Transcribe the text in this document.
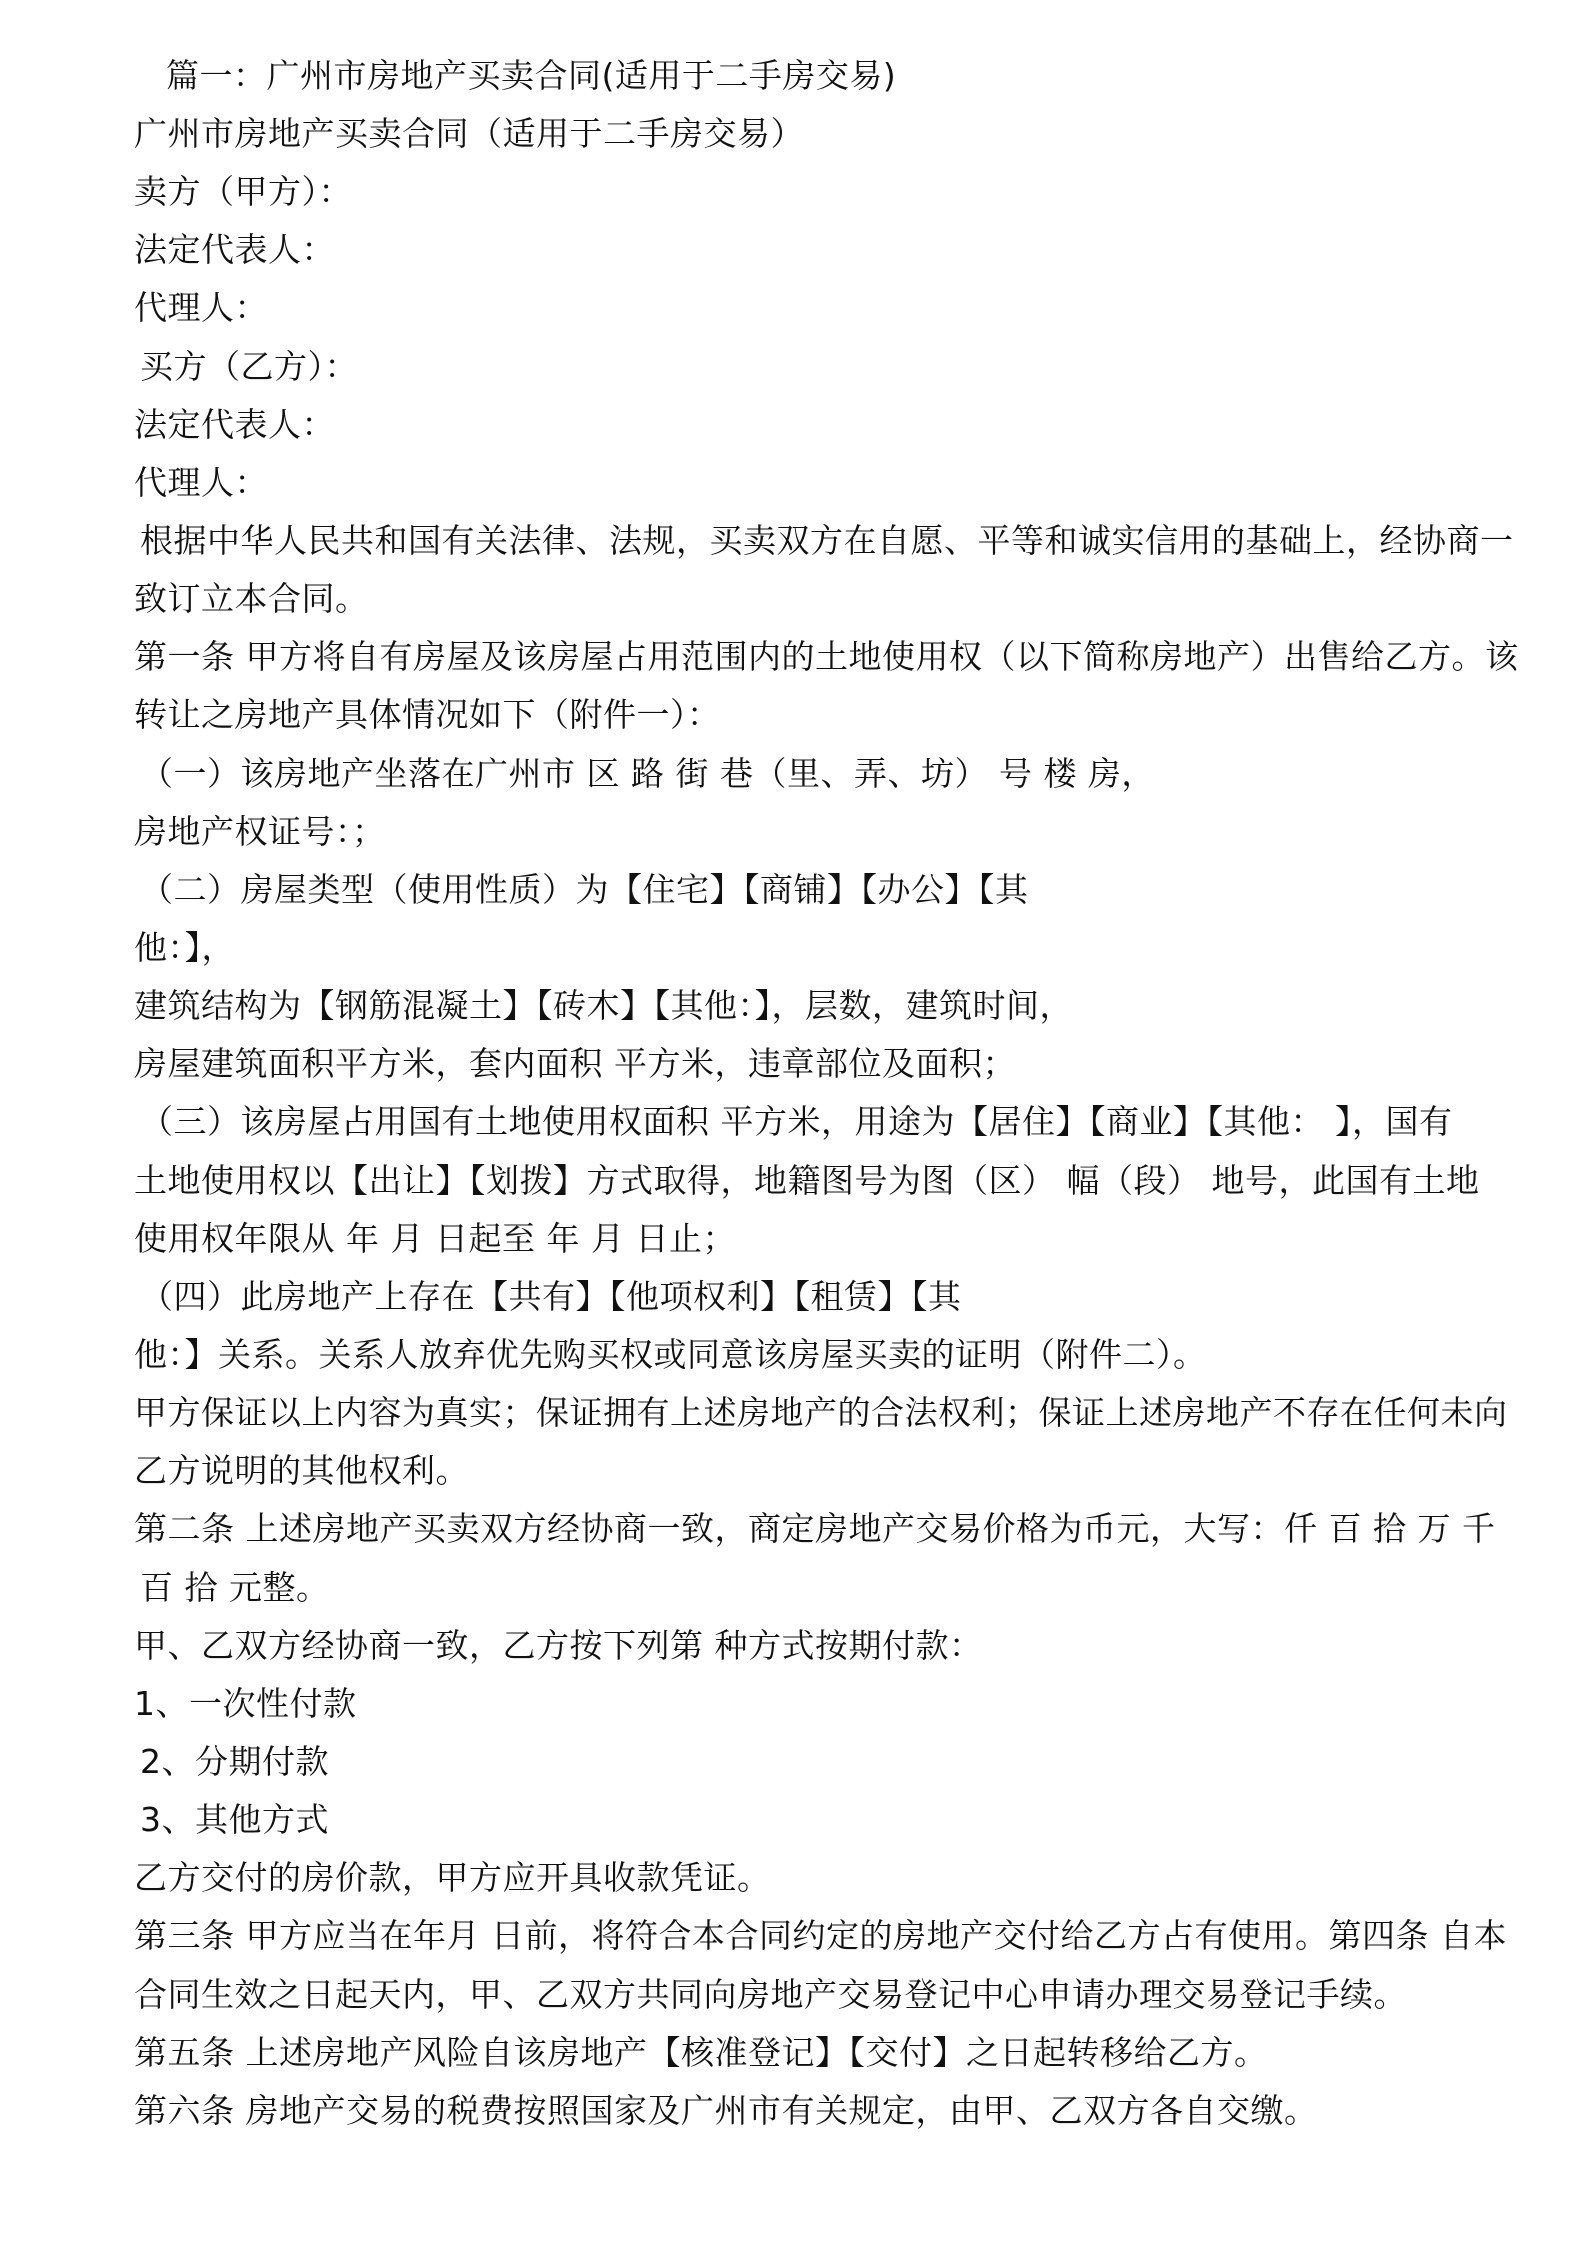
篇一：广州市房地产买卖合同(适用于二手房交易)
广州市房地产买卖合同（适用于二手房交易）
卖方（甲方）：
法定代表人：
代理人：
买方（乙方）：
法定代表人：
代理人：
根据中华人民共和国有关法律、法规，买卖双方在自愿、平等和诚实信用的基础上，经协商一
致订立本合同。
第一条 甲方将自有房屋及该房屋占用范围内的土地使用权（以下简称房地产）出售给乙方。该
转让之房地产具体情况如下（附件一）：
（一）该房地产坐落在广州市 区 路 街 巷（里、弄、坊） 号 楼 房，
房地产权证号：；
（二）房屋类型（使用性质）为【住宅】【商铺】【办公】【其
他：】，
建筑结构为【钢筋混凝土】【砖木】【其他：】，层数，建筑时间，
房屋建筑面积平方米，套内面积 平方米，违章部位及面积；
（三）该房屋占用国有土地使用权面积 平方米，用途为【居住】【商业】【其他： 】，国有
土地使用权以【出让】【划拨】方式取得，地籍图号为图（区） 幅（段） 地号，此国有土地
使用权年限从 年 月 日起至 年 月 日止；
（四）此房地产上存在【共有】【他项权利】【租赁】【其
他：】关系。关系人放弃优先购买权或同意该房屋买卖的证明（附件二）。
甲方保证以上内容为真实；保证拥有上述房地产的合法权利；保证上述房地产不存在任何未向
乙方说明的其他权利。
第二条 上述房地产买卖双方经协商一致，商定房地产交易价格为币元，大写：仟 百 拾 万 千
百 拾 元整。
甲、乙双方经协商一致，乙方按下列第 种方式按期付款：
1、一次性付款
2、分期付款
3、其他方式
乙方交付的房价款，甲方应开具收款凭证。
第三条 甲方应当在年月 日前，将符合本合同约定的房地产交付给乙方占有使用。第四条 自本
合同生效之日起天内，甲、乙双方共同向房地产交易登记中心申请办理交易登记手续。
第五条 上述房地产风险自该房地产【核准登记】【交付】之日起转移给乙方。
第六条 房地产交易的税费按照国家及广州市有关规定，由甲、乙双方各自交缴。
